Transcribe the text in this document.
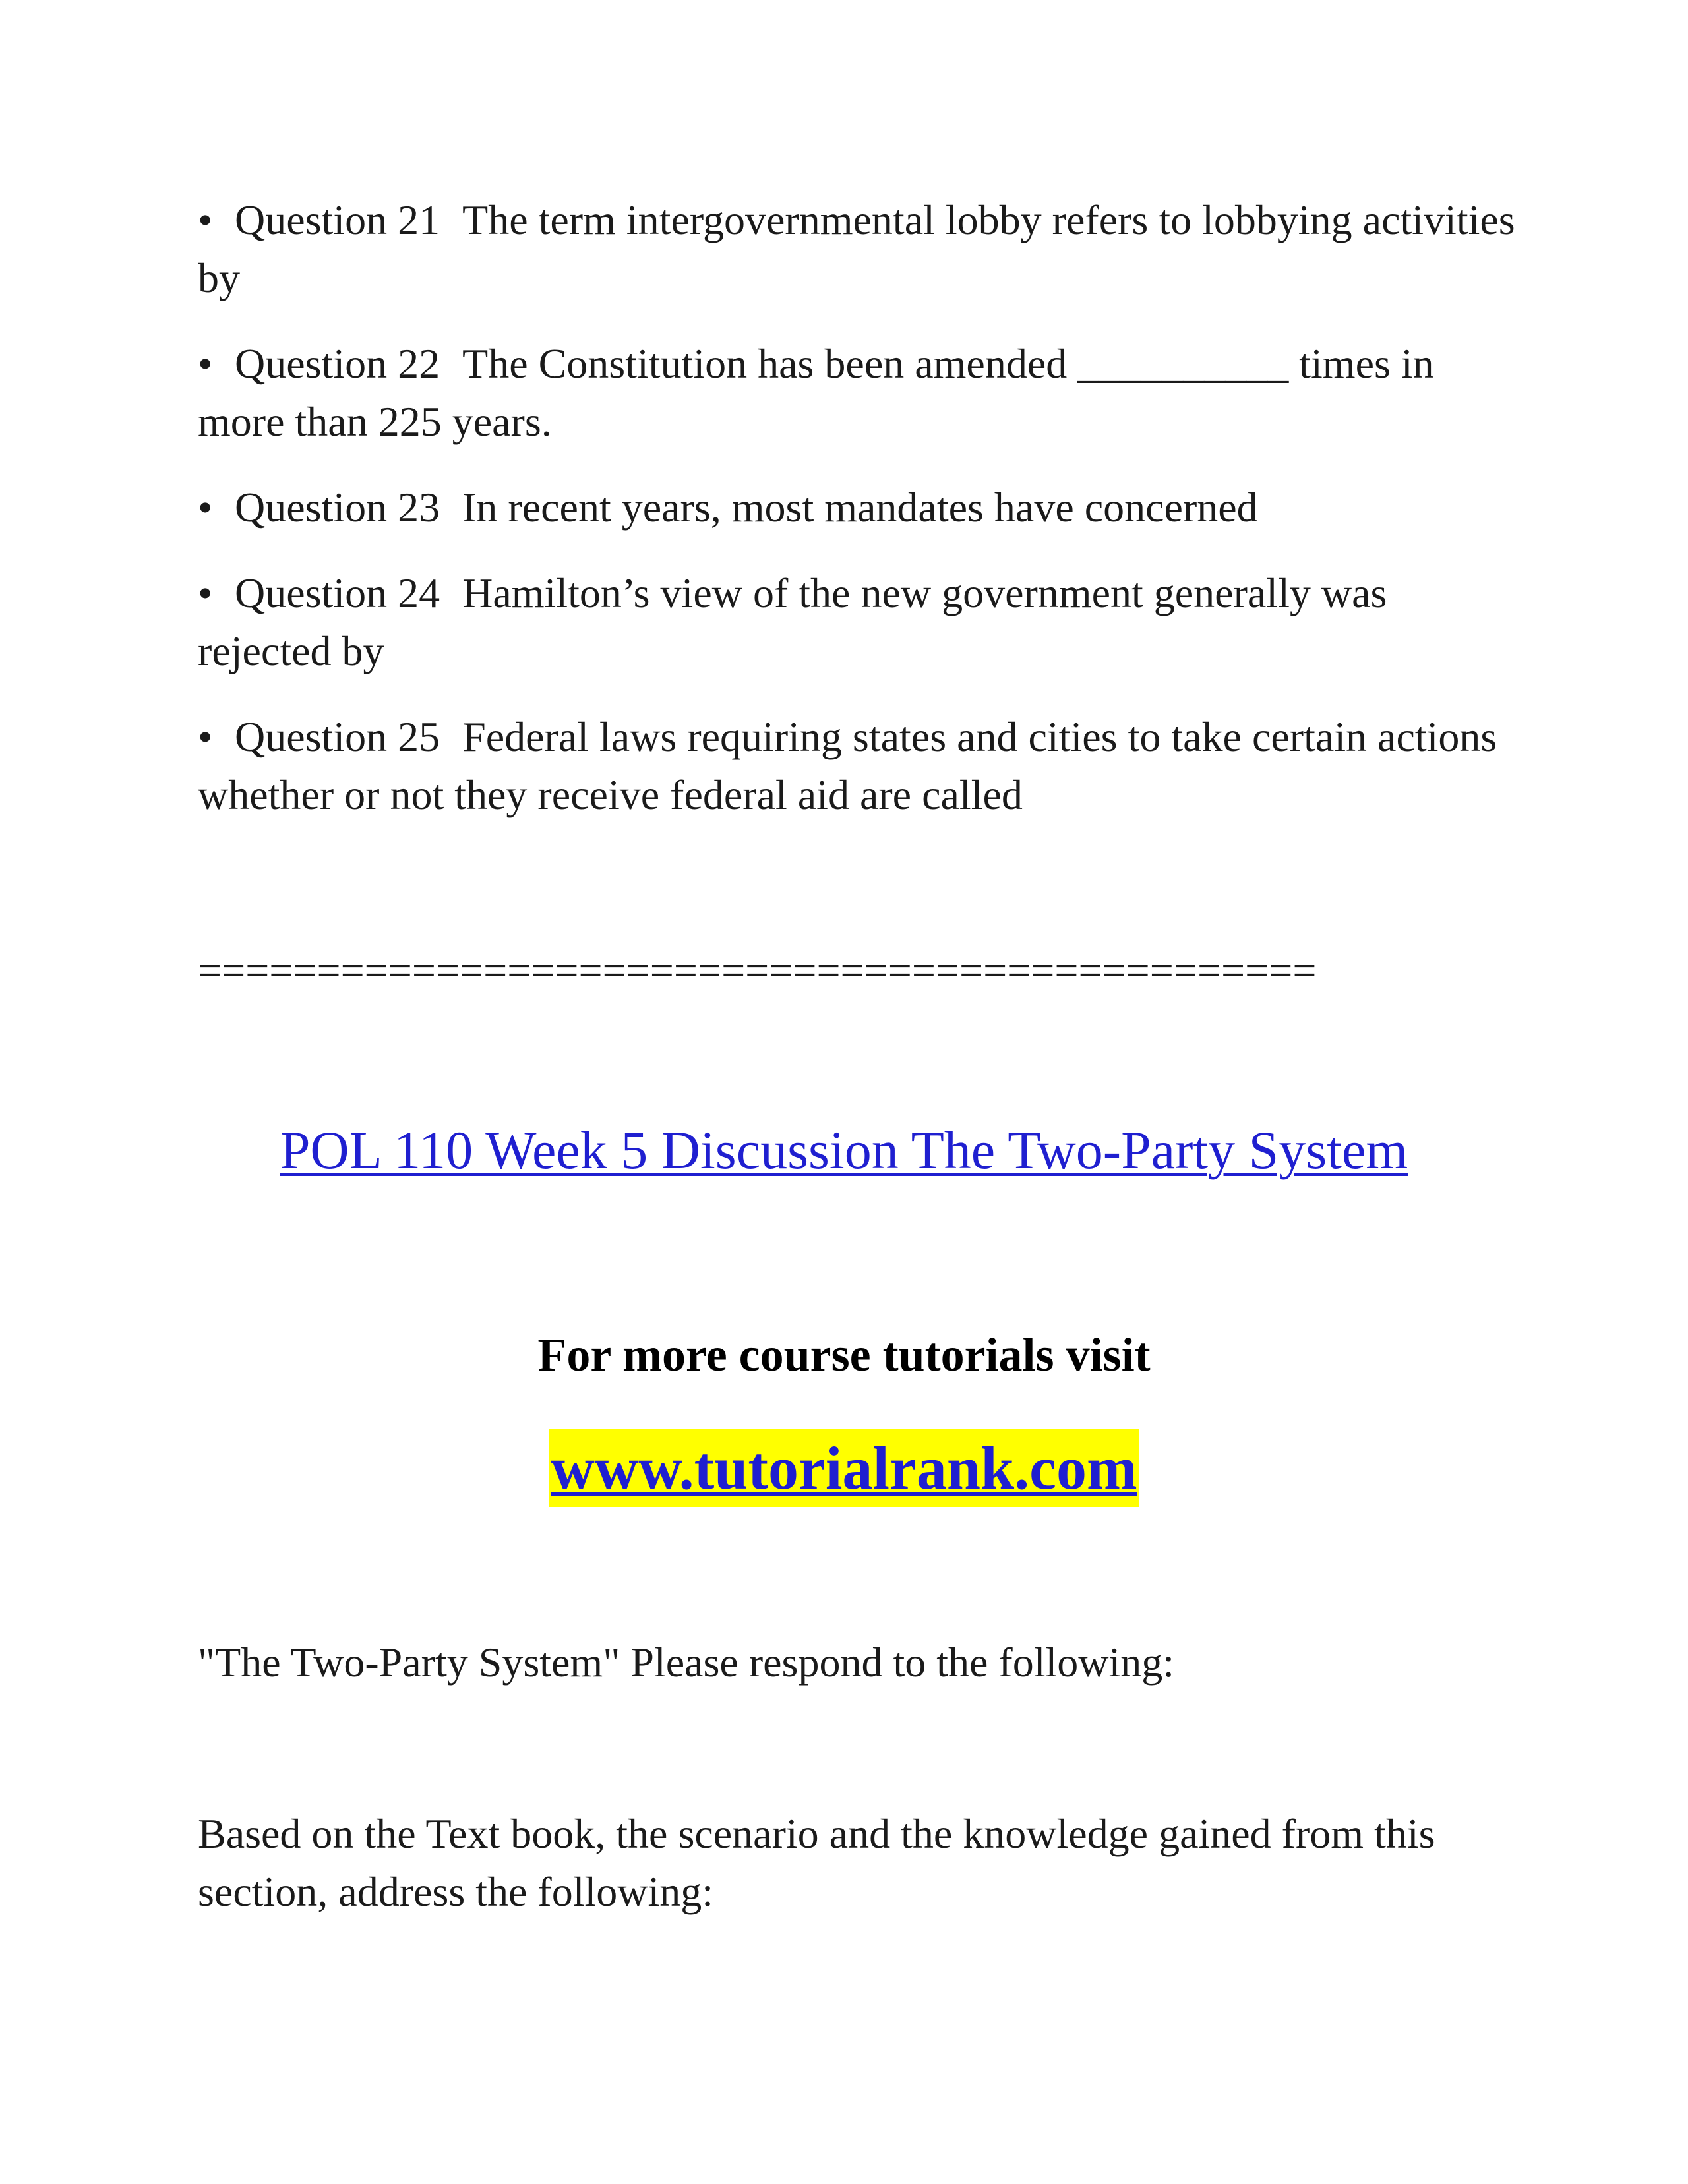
• Question 21 The term intergovernmental lobby refers to lobbying activities by
• Question 22 The Constitution has been amended __________ times in more than 225 years.
• Question 23 In recent years, most mandates have concerned
• Question 24 Hamilton’s view of the new government generally was rejected by
• Question 25 Federal laws requiring states and cities to take certain actions whether or not they receive federal aid are called
===============================================
POL 110 Week 5 Discussion The Two-Party System
For more course tutorials visit
www.tutorialrank.com

"The Two-Party System" Please respond to the following:

Based on the Text book, the scenario and the knowledge gained from this section, address the following:
